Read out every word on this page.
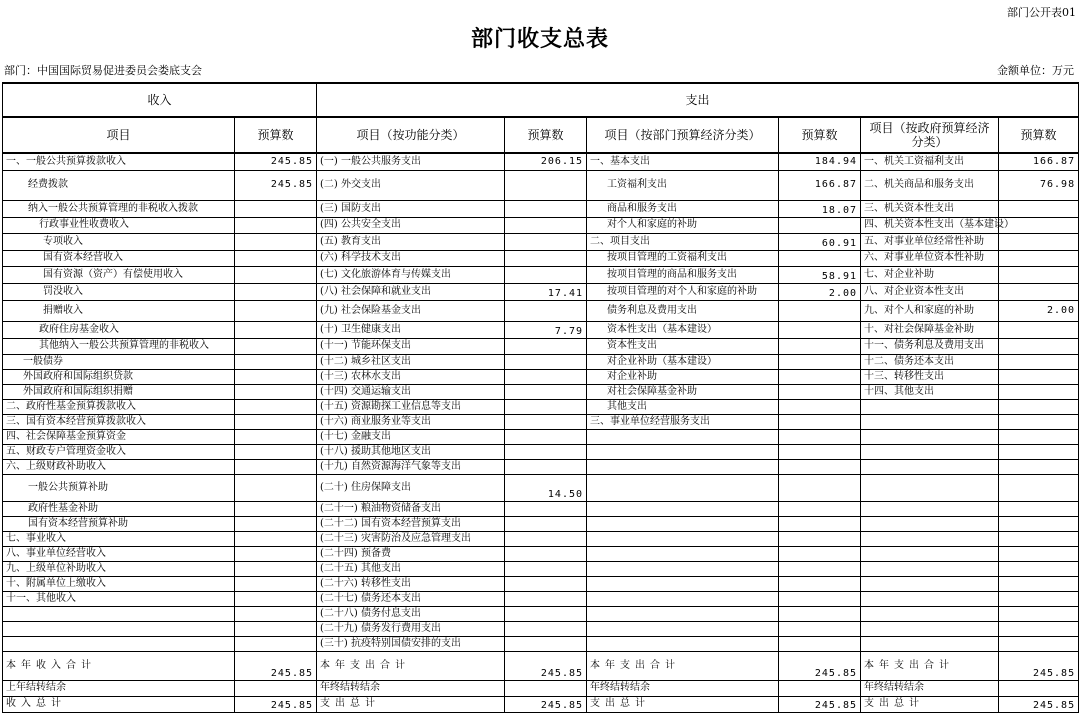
部门公开表01
部门收支总表
部门：中国国际贸易促进委员会娄底支会	金额单位：万元
收入		支出					
项目	预算数	项目（按功能分类）	预算数	项目（按部门预算经济分类）	预算数	项目（按政府预算经济分类）	预算数
一、一般公共预算拨款收入	245.85	(一) 一般公共服务支出	206.15	一、基本支出	184.94	一、机关工资福利支出	166.87
经费拨款	245.85	(二) 外交支出		工资福利支出	166.87	二、机关商品和服务支出	76.98
纳入一般公共预算管理的非税收入拨款		(三) 国防支出		商品和服务支出	18.07	三、机关资本性支出	
行政事业性收费收入		(四) 公共安全支出		对个人和家庭的补助		四、机关资本性支出（基本建设）	
专项收入		(五) 教育支出		二、项目支出	60.91	五、对事业单位经常性补助	
国有资本经营收入		(六) 科学技术支出		按项目管理的工资福利支出		六、对事业单位资本性补助	
国有资源（资产）有偿使用收入		(七) 文化旅游体育与传媒支出		按项目管理的商品和服务支出	58.91	七、对企业补助	
罚没收入		(八) 社会保障和就业支出	17.41	按项目管理的对个人和家庭的补助	2.00	八、对企业资本性支出	
捐赠收入		(九) 社会保险基金支出		债务利息及费用支出		九、对个人和家庭的补助	2.00
政府住房基金收入		(十) 卫生健康支出	7.79	资本性支出（基本建设）		十、对社会保障基金补助	
其他纳入一般公共预算管理的非税收入		(十一) 节能环保支出		资本性支出		十一、债务利息及费用支出	
一般债券		(十二) 城乡社区支出		对企业补助（基本建设）		十二、债务还本支出	
外国政府和国际组织贷款		(十三) 农林水支出		对企业补助		十三、转移性支出	
外国政府和国际组织捐赠		(十四) 交通运输支出		对社会保障基金补助		十四、其他支出	
二、政府性基金预算拨款收入		(十五) 资源勘探工业信息等支出		其他支出			
三、国有资本经营预算拨款收入		(十六) 商业服务业等支出		三、事业单位经营服务支出			
四、社会保障基金预算资金		(十七) 金融支出					
五、财政专户管理资金收入		(十八) 援助其他地区支出					
六、上级财政补助收入		(十九) 自然资源海洋气象等支出					
一般公共预算补助		(二十) 住房保障支出	14.50				
政府性基金补助		(二十一) 粮油物资储备支出					
国有资本经营预算补助		(二十二) 国有资本经营预算支出					
七、事业收入		(二十三) 灾害防治及应急管理支出					
八、事业单位经营收入		(二十四) 预备费					
九、上级单位补助收入		(二十五) 其他支出					
十、附属单位上缴收入		(二十六) 转移性支出					
十一、其他收入		(二十七) 债务还本支出					
		(二十八) 债务付息支出					
		(二十九) 债务发行费用支出					
		(三十) 抗疫特别国债安排的支出					
本年收入合计	245.85	本年支出合计	245.85	本年支出合计	245.85	本年支出合计	245.85
上年结转结余		年终结转结余		年终结转结余		年终结转结余	
收入总计	245.85	支出总计	245.85	支出总计	245.85	支出总计	245.85
